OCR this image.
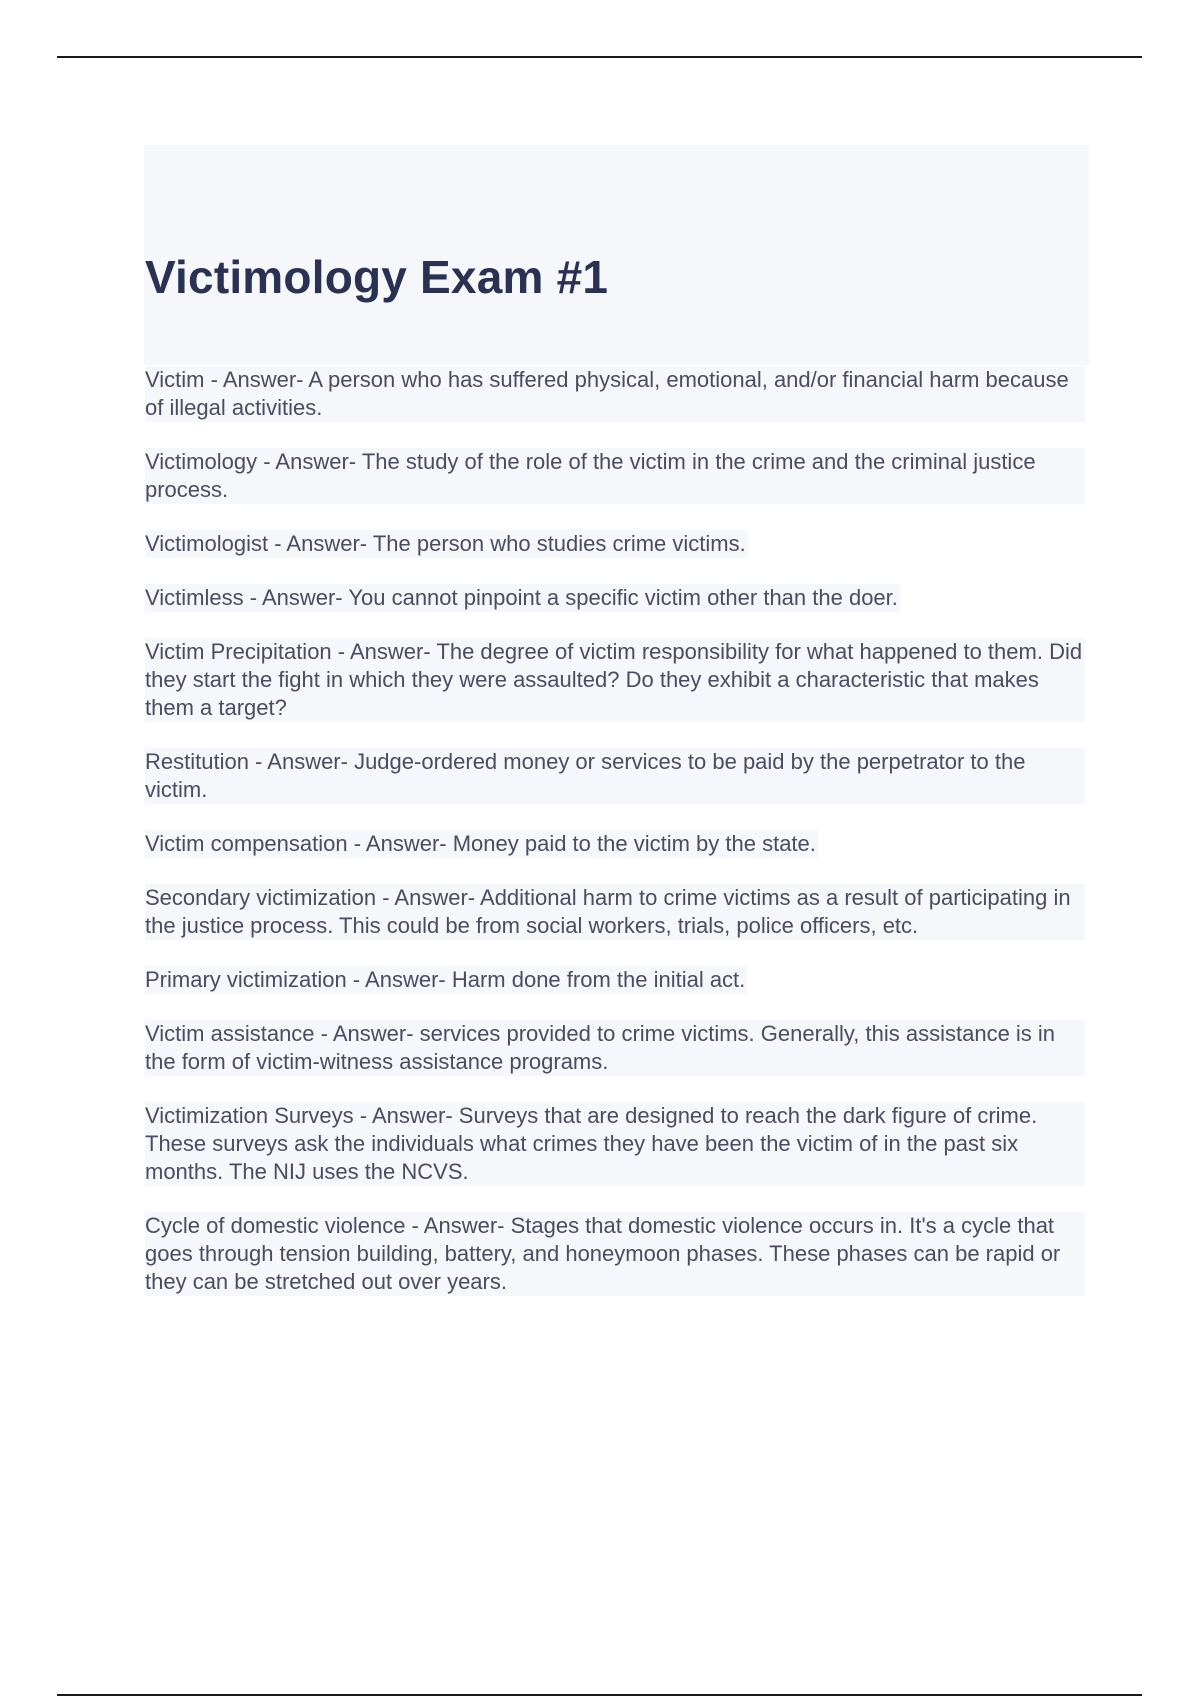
Victimology Exam #1
Victim - Answer- A person who has suffered physical, emotional, and/or financial harm because of illegal activities.
Victimology - Answer- The study of the role of the victim in the crime and the criminal justice process.
Victimologist - Answer- The person who studies crime victims.
Victimless - Answer- You cannot pinpoint a specific victim other than the doer.
Victim Precipitation - Answer- The degree of victim responsibility for what happened to them. Did they start the fight in which they were assaulted? Do they exhibit a characteristic that makes them a target?
Restitution - Answer- Judge-ordered money or services to be paid by the perpetrator to the victim.
Victim compensation - Answer- Money paid to the victim by the state.
Secondary victimization - Answer- Additional harm to crime victims as a result of participating in the justice process. This could be from social workers, trials, police officers, etc.
Primary victimization - Answer- Harm done from the initial act.
Victim assistance - Answer- services provided to crime victims. Generally, this assistance is in the form of victim-witness assistance programs.
Victimization Surveys - Answer- Surveys that are designed to reach the dark figure of crime. These surveys ask the individuals what crimes they have been the victim of in the past six months. The NIJ uses the NCVS.
Cycle of domestic violence - Answer- Stages that domestic violence occurs in. It's a cycle that goes through tension building, battery, and honeymoon phases. These phases can be rapid or they can be stretched out over years.
